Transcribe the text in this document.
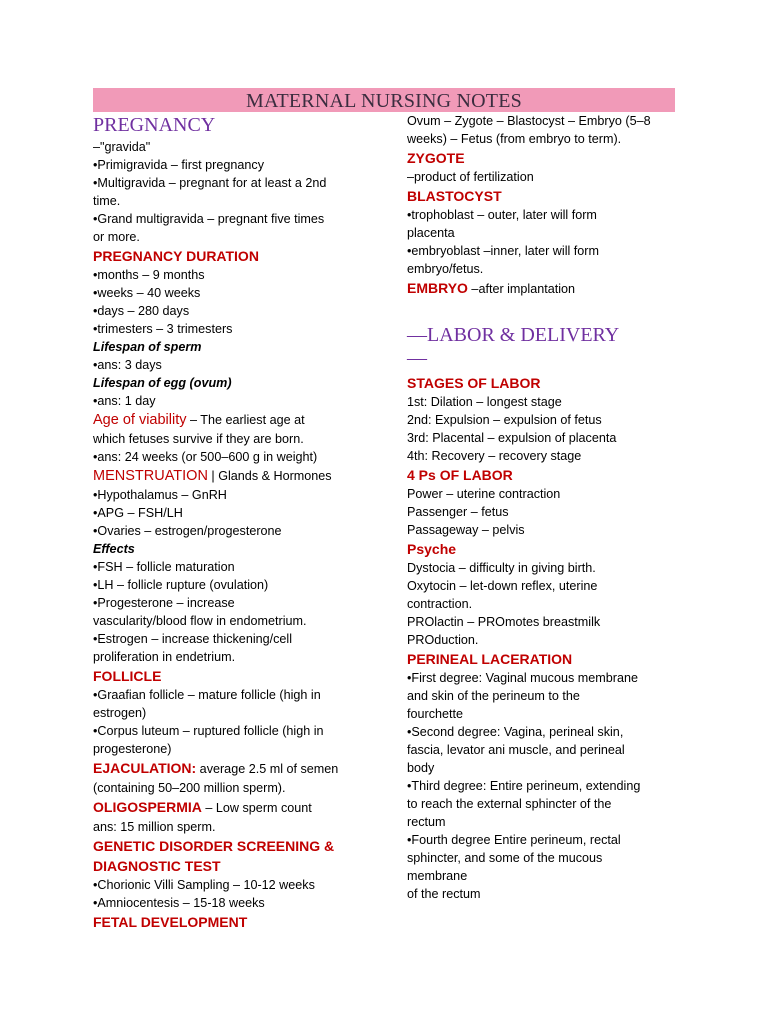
MATERNAL NURSING NOTES
PREGNANCY
–"gravida"
•Primigravida – first pregnancy
•Multigravida – pregnant for at least a 2nd
time.
•Grand multigravida – pregnant five times
or more.
PREGNANCY DURATION
•months – 9 months
•weeks – 40 weeks
•days – 280 days
•trimesters – 3 trimesters
Lifespan of sperm
•ans: 3 days
Lifespan of egg (ovum)
•ans: 1 day
Age of viability – The earliest age at
which fetuses survive if they are born.
•ans: 24 weeks (or 500–600 g in weight)
MENSTRUATION | Glands & Hormones
•Hypothalamus – GnRH
•APG – FSH/LH
•Ovaries – estrogen/progesterone
Effects
•FSH – follicle maturation
•LH – follicle rupture (ovulation)
•Progesterone – increase
vascularity/blood flow in endometrium.
•Estrogen – increase thickening/cell
proliferation in endetrium.
FOLLICLE
•Graafian follicle – mature follicle (high in
estrogen)
•Corpus luteum – ruptured follicle (high in
progesterone)
EJACULATION: average 2.5 ml of semen
(containing 50–200 million sperm).
OLIGOSPERMIA – Low sperm count
ans: 15 million sperm.
GENETIC DISORDER SCREENING &
DIAGNOSTIC TEST
•Chorionic Villi Sampling – 10-12 weeks
•Amniocentesis – 15-18 weeks
FETAL DEVELOPMENT
Ovum – Zygote – Blastocyst – Embryo (5–8
weeks) – Fetus (from embryo to term).
ZYGOTE
–product of fertilization
BLASTOCYST
•trophoblast – outer, later will form
placenta
•embryoblast –inner, later will form
embryo/fetus.
EMBRYO –after implantation
—LABOR & DELIVERY
—
STAGES OF LABOR
1st: Dilation – longest stage
2nd: Expulsion – expulsion of fetus
3rd: Placental – expulsion of placenta
4th: Recovery – recovery stage
4 Ps OF LABOR
Power – uterine contraction
Passenger – fetus
Passageway – pelvis
Psyche
Dystocia – difficulty in giving birth.
Oxytocin – let-down reflex, uterine
contraction.
PROlactin – PROmotes breastmilk
PROduction.
PERINEAL LACERATION
•First degree: Vaginal mucous membrane
and skin of the perineum to the
fourchette
•Second degree: Vagina, perineal skin,
fascia, levator ani muscle, and perineal
body
•Third degree: Entire perineum, extending
to reach the external sphincter of the
rectum
•Fourth degree Entire perineum, rectal
sphincter, and some of the mucous
membrane
of the rectum
